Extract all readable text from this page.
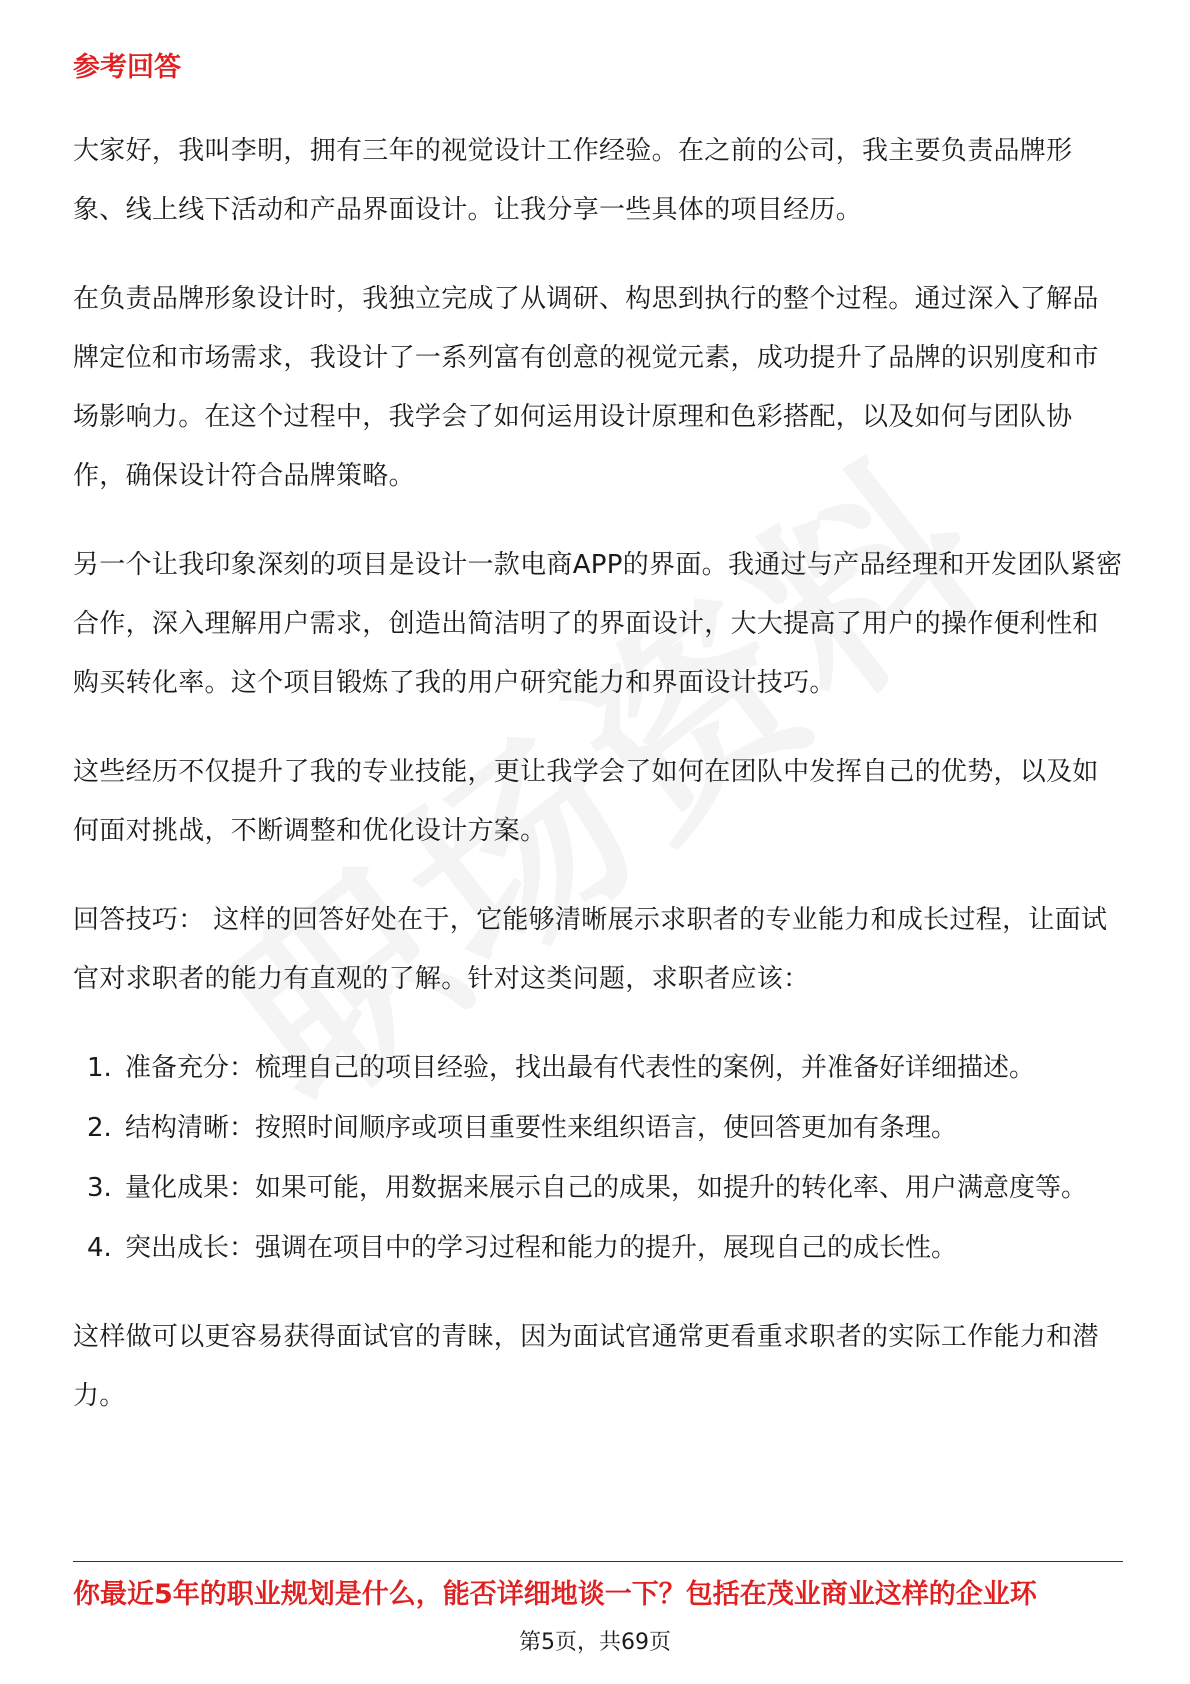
参考回答

大家好，我叫李明，拥有三年的视觉设计工作经验。在之前的公司，我主要负责品牌形象、线上线下活动和产品界面设计。让我分享一些具体的项目经历。

在负责品牌形象设计时，我独立完成了从调研、构思到执行的整个过程。通过深入了解品牌定位和市场需求，我设计了一系列富有创意的视觉元素，成功提升了品牌的识别度和市场影响力。在这个过程中，我学会了如何运用设计原理和色彩搭配，以及如何与团队协作，确保设计符合品牌策略。

另一个让我印象深刻的项目是设计一款电商APP的界面。我通过与产品经理和开发团队紧密合作，深入理解用户需求，创造出简洁明了的界面设计，大大提高了用户的操作便利性和购买转化率。这个项目锻炼了我的用户研究能力和界面设计技巧。

这些经历不仅提升了我的专业技能，更让我学会了如何在团队中发挥自己的优势，以及如何面对挑战，不断调整和优化设计方案。

回答技巧： 这样的回答好处在于，它能够清晰展示求职者的专业能力和成长过程，让面试官对求职者的能力有直观的了解。针对这类问题，求职者应该：

1. 准备充分：梳理自己的项目经验，找出最有代表性的案例，并准备好详细描述。
2. 结构清晰：按照时间顺序或项目重要性来组织语言，使回答更加有条理。
3. 量化成果：如果可能，用数据来展示自己的成果，如提升的转化率、用户满意度等。
4. 突出成长：强调在项目中的学习过程和能力的提升，展现自己的成长性。

这样做可以更容易获得面试官的青睐，因为面试官通常更看重求职者的实际工作能力和潜力。

你最近5年的职业规划是什么，能否详细地谈一下？包括在茂业商业这样的企业环
第5页，共69页
